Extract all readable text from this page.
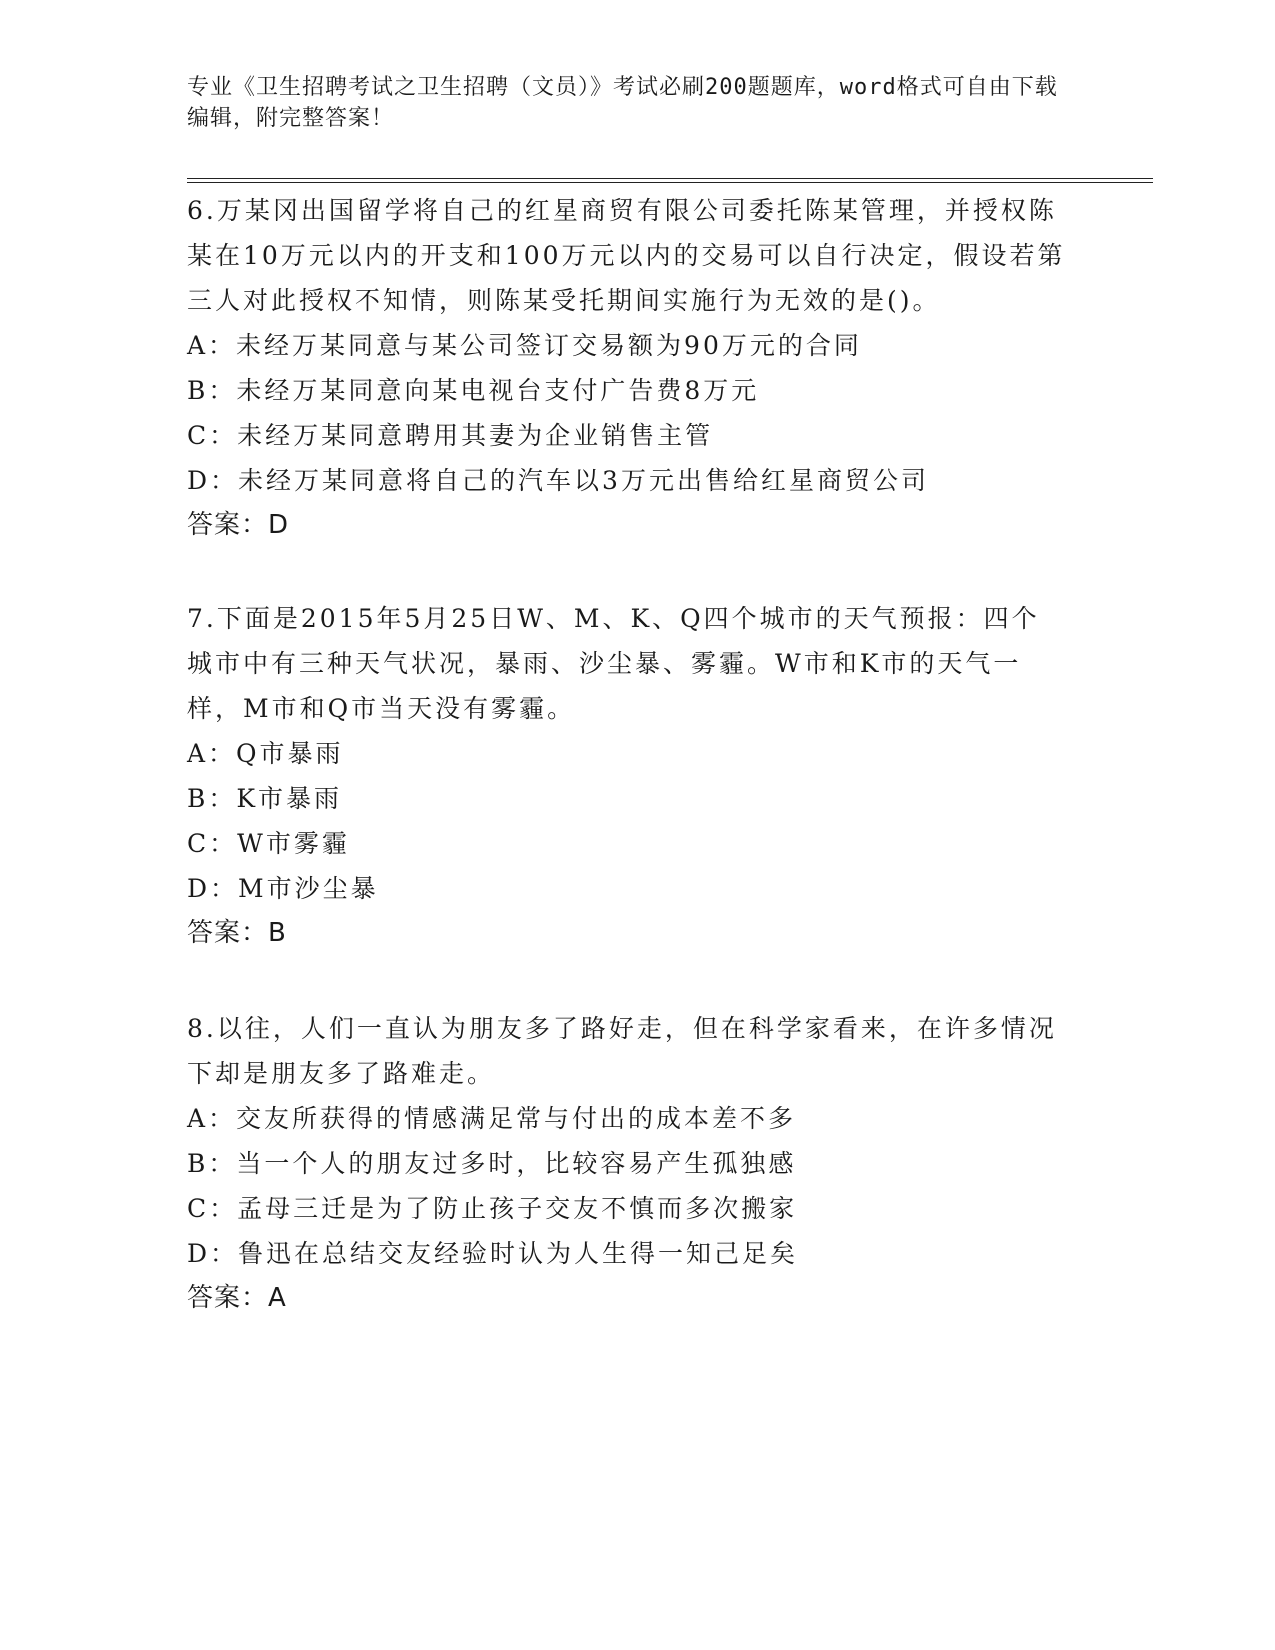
专业《卫生招聘考试之卫生招聘（文员）》考试必刷200题题库，word格式可自由下载编辑，附完整答案！
6.万某冈出国留学将自己的红星商贸有限公司委托陈某管理，并授权陈某在10万元以内的开支和100万元以内的交易可以自行决定，假设若第三人对此授权不知情，则陈某受托期间实施行为无效的是()。
A：未经万某同意与某公司签订交易额为90万元的合同
B：未经万某同意向某电视台支付广告费8万元
C：未经万某同意聘用其妻为企业销售主管
D：未经万某同意将自己的汽车以3万元出售给红星商贸公司
答案：D
7.下面是2015年5月25日W、M、K、Q四个城市的天气预报：四个城市中有三种天气状况，暴雨、沙尘暴、雾霾。W市和K市的天气一样，M市和Q市当天没有雾霾。
A：Q市暴雨
B：K市暴雨
C：W市雾霾
D：M市沙尘暴
答案：B
8.以往，人们一直认为朋友多了路好走，但在科学家看来，在许多情况下却是朋友多了路难走。
A：交友所获得的情感满足常与付出的成本差不多
B：当一个人的朋友过多时，比较容易产生孤独感
C：孟母三迁是为了防止孩子交友不慎而多次搬家
D：鲁迅在总结交友经验时认为人生得一知己足矣
答案：A
